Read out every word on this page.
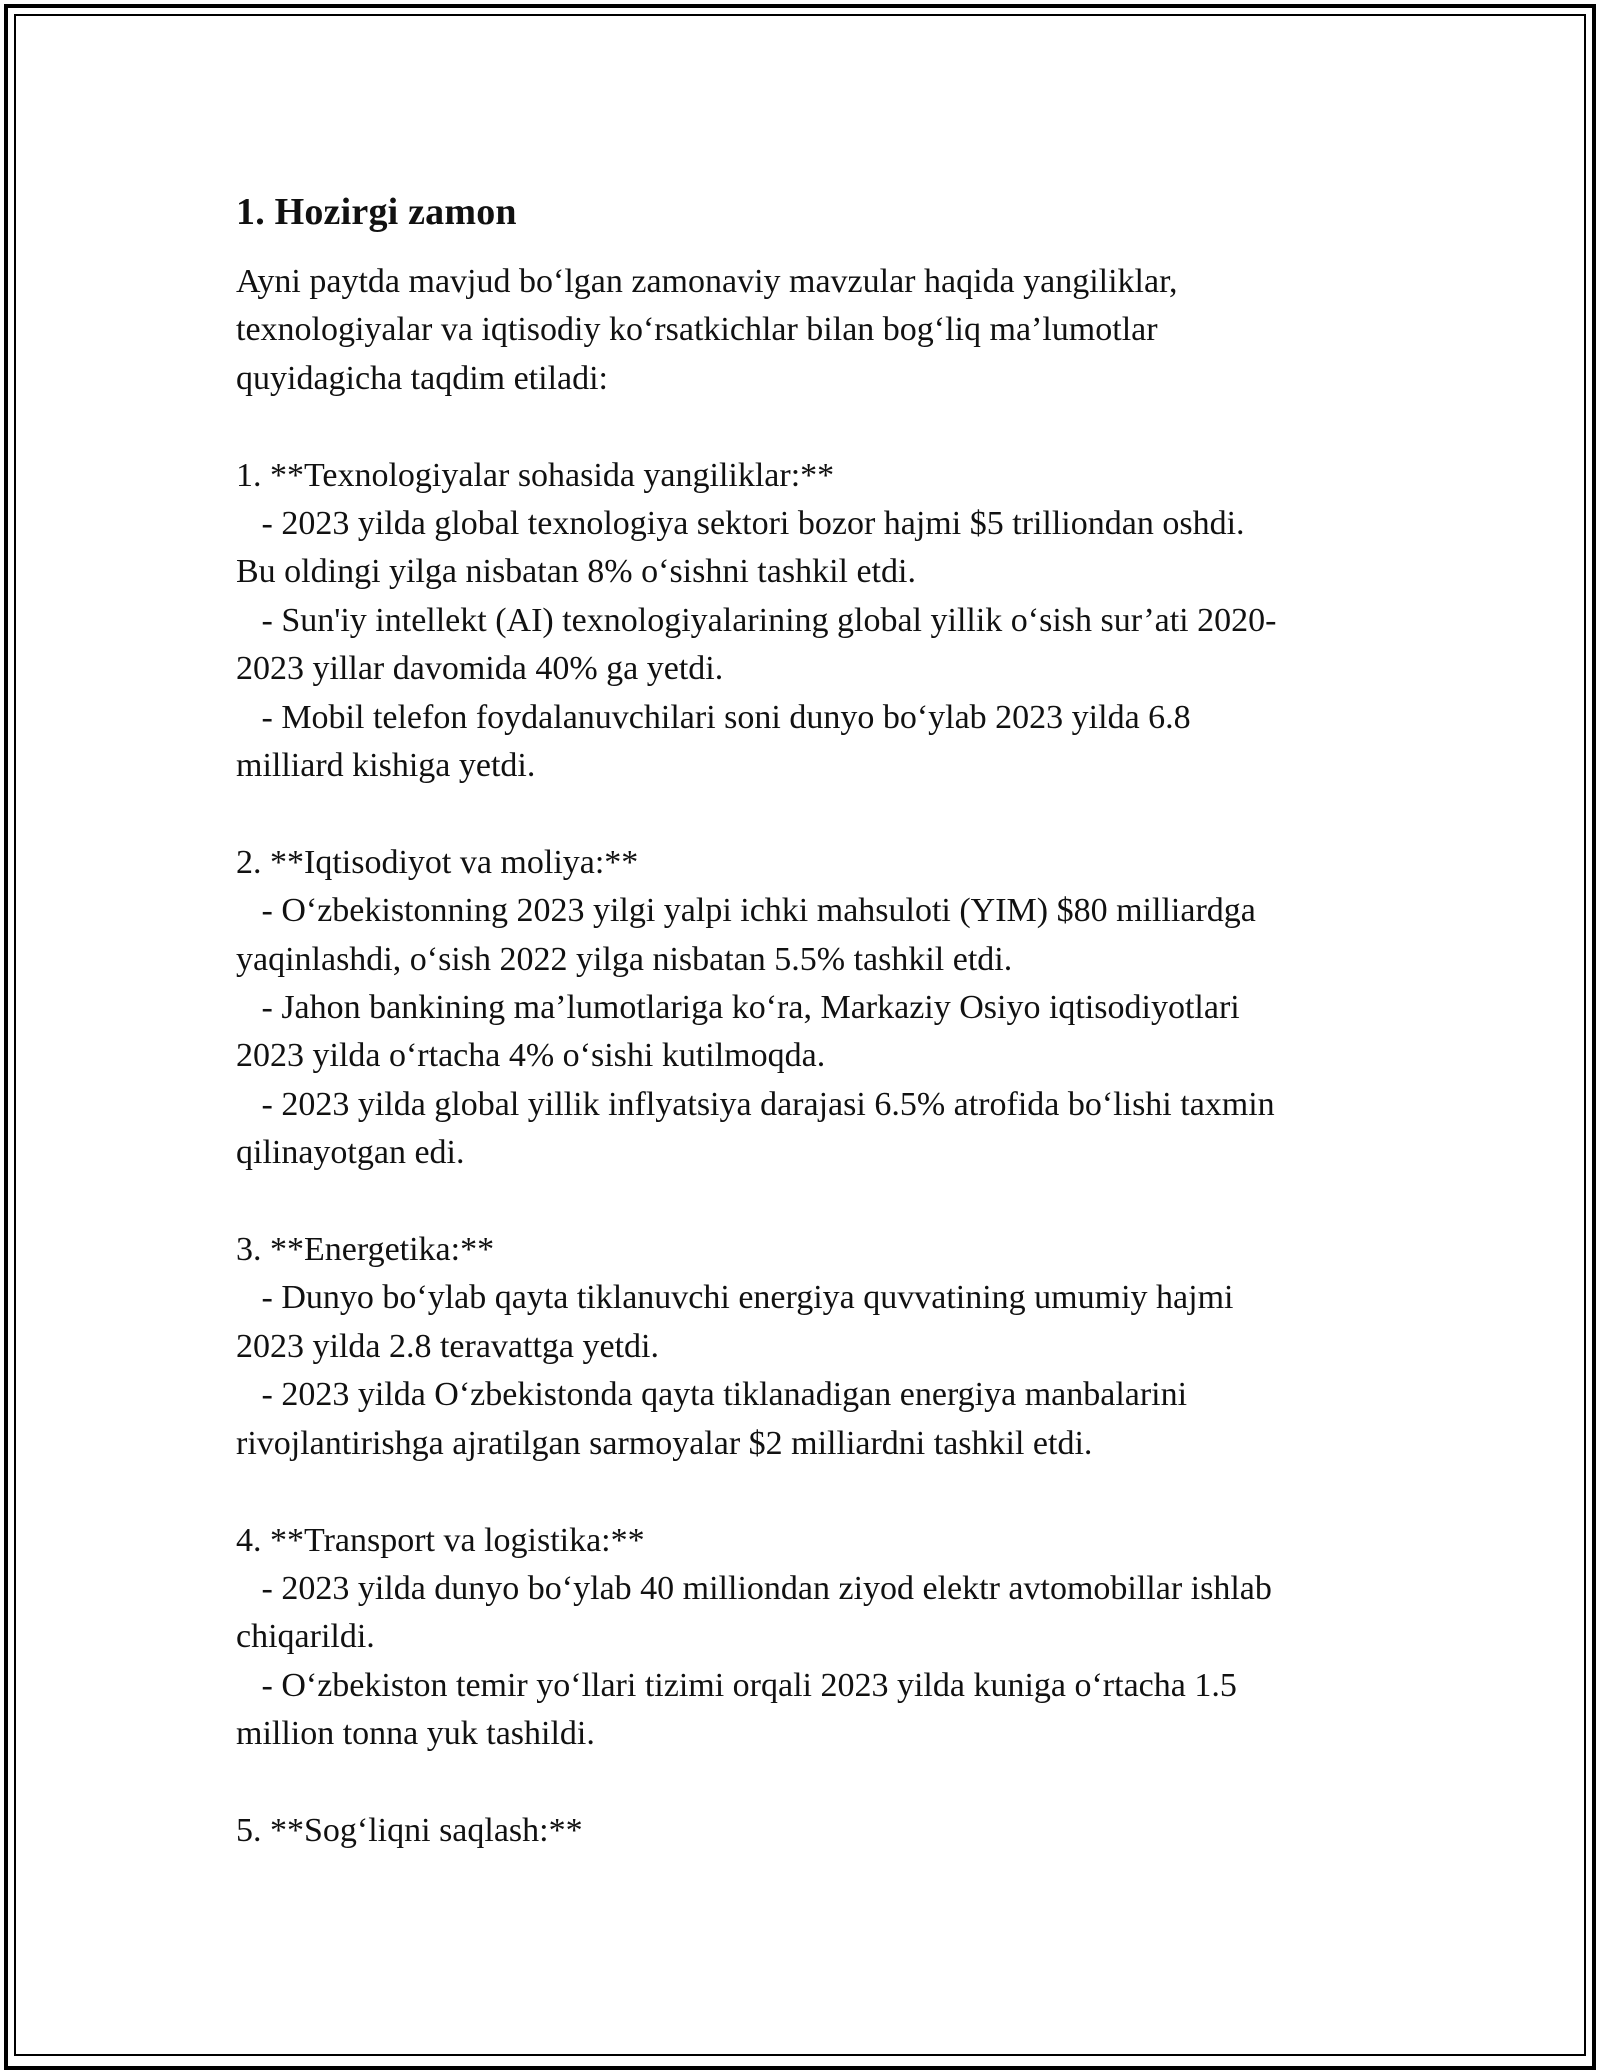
1. Hozirgi zamon
Ayni paytda mavjud bo‘lgan zamonaviy mavzular haqida yangiliklar,
texnologiyalar va iqtisodiy ko‘rsatkichlar bilan bog‘liq ma’lumotlar
quyidagicha taqdim etiladi:
1. **Texnologiyalar sohasida yangiliklar:**
- 2023 yilda global texnologiya sektori bozor hajmi $5 trilliondan oshdi.
Bu oldingi yilga nisbatan 8% o‘sishni tashkil etdi.
- Sun'iy intellekt (AI) texnologiyalarining global yillik o‘sish sur’ati 2020-
2023 yillar davomida 40% ga yetdi.
- Mobil telefon foydalanuvchilari soni dunyo bo‘ylab 2023 yilda 6.8
milliard kishiga yetdi.
2. **Iqtisodiyot va moliya:**
- O‘zbekistonning 2023 yilgi yalpi ichki mahsuloti (YIM) $80 milliardga
yaqinlashdi, o‘sish 2022 yilga nisbatan 5.5% tashkil etdi.
- Jahon bankining ma’lumotlariga ko‘ra, Markaziy Osiyo iqtisodiyotlari
2023 yilda o‘rtacha 4% o‘sishi kutilmoqda.
- 2023 yilda global yillik inflyatsiya darajasi 6.5% atrofida bo‘lishi taxmin
qilinayotgan edi.
3. **Energetika:**
- Dunyo bo‘ylab qayta tiklanuvchi energiya quvvatining umumiy hajmi
2023 yilda 2.8 teravattga yetdi.
- 2023 yilda O‘zbekistonda qayta tiklanadigan energiya manbalarini
rivojlantirishga ajratilgan sarmoyalar $2 milliardni tashkil etdi.
4. **Transport va logistika:**
- 2023 yilda dunyo bo‘ylab 40 milliondan ziyod elektr avtomobillar ishlab
chiqarildi.
- O‘zbekiston temir yo‘llari tizimi orqali 2023 yilda kuniga o‘rtacha 1.5
million tonna yuk tashildi.
5. **Sog‘liqni saqlash:**
